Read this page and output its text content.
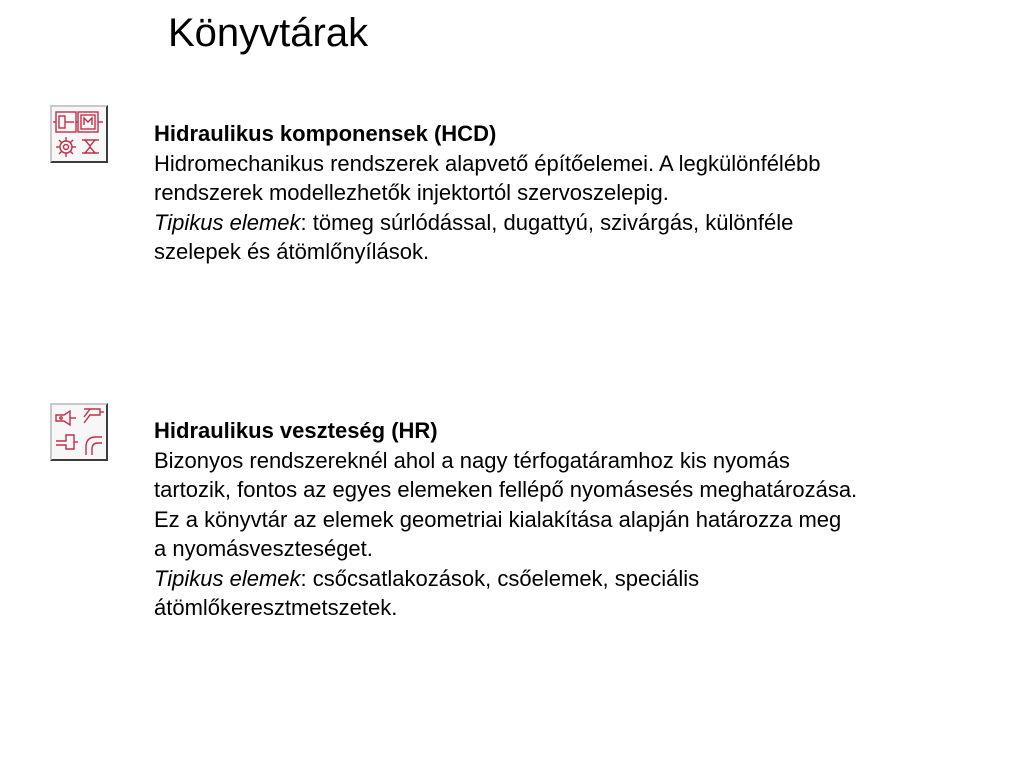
Könyvtárak

Hidraulikus komponensek (HCD)

Hidromechanikus rendszerek alapvető építőelemei. A legkülönfélébb

rendszerek modellezhetők injektortól szervoszelepig.

Tipikus elemek: tömeg súrlódással, dugattyú, szivárgás, különféle

szelepek és átömlőnyílások.

Hidraulikus veszteség (HR)

Bizonyos rendszereknél ahol a nagy térfogatáramhoz kis nyomás

tartozik, fontos az egyes elemeken fellépő nyomásesés meghatározása.

Ez a könyvtár az elemek geometriai kialakítása alapján határozza meg

a nyomásveszteséget.

Tipikus elemek: csőcsatlakozások, csőelemek, speciális

átömlőkeresztmetszetek.
